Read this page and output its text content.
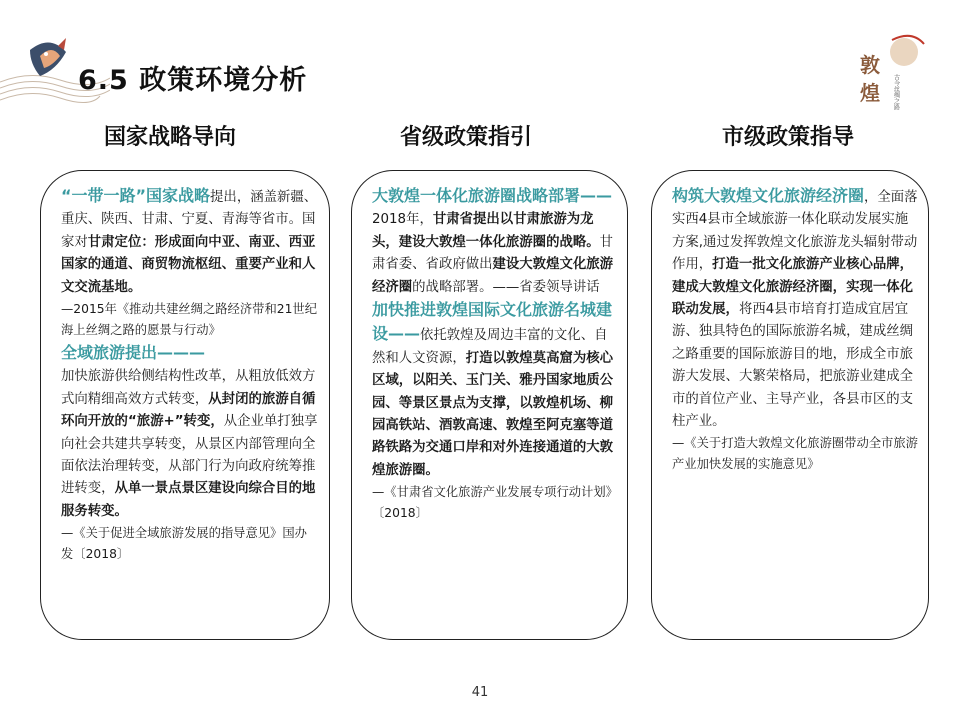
敦
煌 古今丝绸之路
6.5 政策环境分析
国家战略导向	省级政策指引	市级政策指导

“一带一路”国家战略提出，涵盖新疆、重庆、陕西、甘肃、宁夏、青海等省市。国家对甘肃定位：形成面向中亚、南亚、西亚国家的通道、商贸物流枢纽、重要产业和人文交流基地。

—2015年《推动共建丝绸之路经济带和21世纪海上丝绸之路的愿景与行动》

全域旅游提出———

加快旅游供给侧结构性改革，从粗放低效方式向精细高效方式转变，从封闭的旅游自循环向开放的“旅游+”转变，从企业单打独享向社会共建共享转变，从景区内部管理向全面依法治理转变，从部门行为向政府统筹推进转变，从单一景点景区建设向综合目的地服务转变。

—《关于促进全域旅游发展的指导意见》国办发〔2018〕

大敦煌一体化旅游圈战略部署——2018年，甘肃省提出以甘肃旅游为龙头，建设大敦煌一体化旅游圈的战略。甘肃省委、省政府做出建设大敦煌文化旅游经济圈的战略部署。——省委领导讲话

加快推进敦煌国际文化旅游名城建设——依托敦煌及周边丰富的文化、自然和人文资源，打造以敦煌莫高窟为核心区域，以阳关、玉门关、雅丹国家地质公园、等景区景点为支撑，以敦煌机场、柳园高铁站、酒敦高速、敦煌至阿克塞等道路铁路为交通口岸和对外连接通道的大敦煌旅游圈。

—《甘肃省文化旅游产业发展专项行动计划》〔2018〕

构筑大敦煌文化旅游经济圈，全面落实西4县市全域旅游一体化联动发展实施方案,通过发挥敦煌文化旅游龙头辐射带动作用，打造一批文化旅游产业核心品牌，建成大敦煌文化旅游经济圈，实现一体化联动发展，将西4县市培育打造成宜居宜游、独具特色的国际旅游名城，建成丝绸之路重要的国际旅游目的地，形成全市旅游大发展、大繁荣格局，把旅游业建成全市的首位产业、主导产业，各县市区的支柱产业。

—《关于打造大敦煌文化旅游圈带动全市旅游产业加快发展的实施意见》

41
